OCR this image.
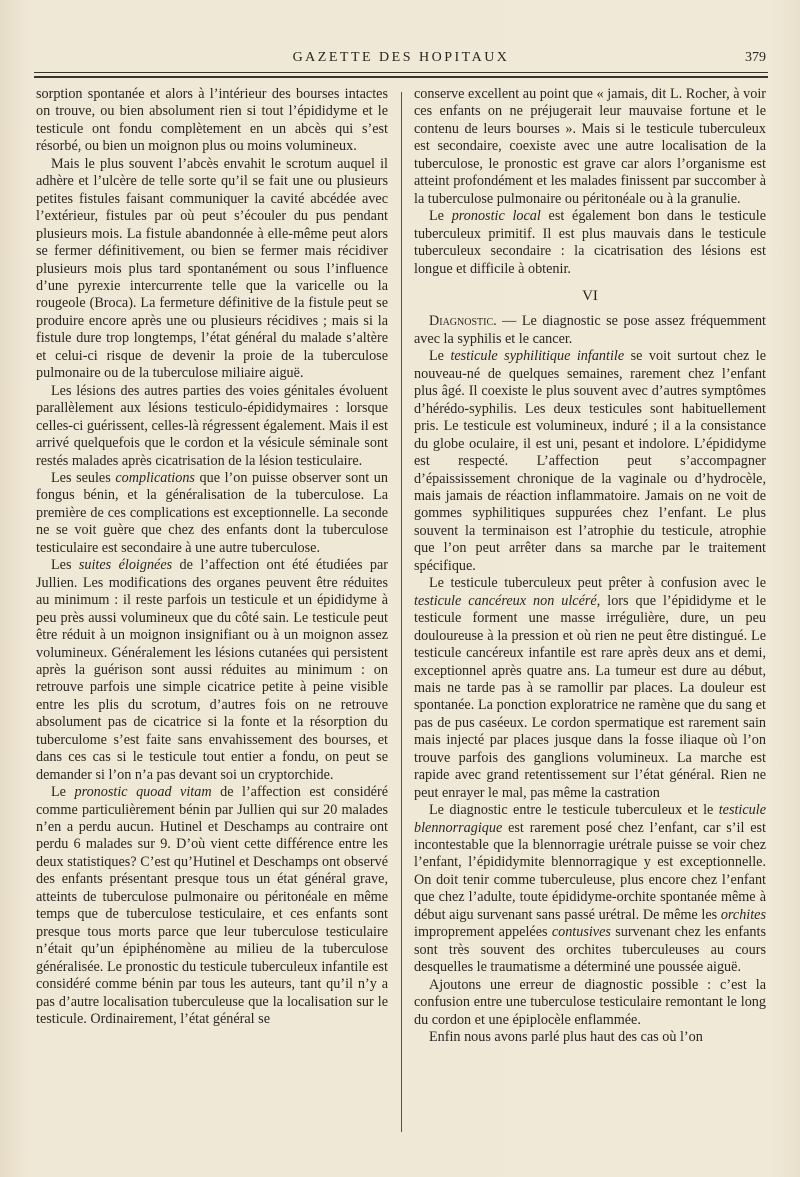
GAZETTE DES HOPITAUX	379

sorption spontanée et alors à l’intérieur des bourses intactes on trouve, ou bien absolument rien si tout l’épididyme et le testicule ont fondu complètement en un abcès qui s’est résorbé, ou bien un moignon plus ou moins volumineux.

Mais le plus souvent l’abcès envahit le scrotum auquel il adhère et l’ulcère de telle sorte qu’il se fait une ou plusieurs petites fistules faisant communiquer la cavité abcédée avec l’extérieur, fistules par où peut s’écouler du pus pendant plusieurs mois. La fistule abandonnée à elle-même peut alors se fermer définitivement, ou bien se fermer mais récidiver plusieurs mois plus tard spontanément ou sous l’influence d’une pyrexie intercurrente telle que la varicelle ou la rougeole (Broca). La fermeture définitive de la fistule peut se produire encore après une ou plusieurs récidives ; mais si la fistule dure trop longtemps, l’état général du malade s’altère et celui-ci risque de devenir la proie de la tuberculose pulmonaire ou de la tuberculose miliaire aiguë.

Les lésions des autres parties des voies génitales évoluent parallèlement aux lésions testiculo-épididymaires : lorsque celles-ci guérissent, celles-là régressent également. Mais il est arrivé quelquefois que le cordon et la vésicule séminale sont restés malades après cicatrisation de la lésion testiculaire.

Les seules complications que l’on puisse observer sont un fongus bénin, et la généralisation de la tuberculose. La première de ces complications est exceptionnelle. La seconde ne se voit guère que chez des enfants dont la tuberculose testiculaire est secondaire à une autre tuberculose.

Les suites éloignées de l’affection ont été étudiées par Jullien. Les modifications des organes peuvent être réduites au minimum : il reste parfois un testicule et un épididyme à peu près aussi volumineux que du côté sain. Le testicule peut être réduit à un moignon insignifiant ou à un moignon assez volumineux. Généralement les lésions cutanées qui persistent après la guérison sont aussi réduites au minimum : on retrouve parfois une simple cicatrice petite à peine visible entre les plis du scrotum, d’autres fois on ne retrouve absolument pas de cicatrice si la fonte et la résorption du tuberculome s’est faite sans envahissement des bourses, et dans ces cas si le testicule tout entier a fondu, on peut se demander si l’on n’a pas devant soi un cryptorchide.

Le pronostic quoad vitam de l’affection est considéré comme particulièrement bénin par Jullien qui sur 20 malades n’en a perdu aucun. Hutinel et Deschamps au contraire ont perdu 6 malades sur 9. D’où vient cette différence entre les deux statistiques? C’est qu’Hutinel et Deschamps ont observé des enfants présentant presque tous un état général grave, atteints de tuberculose pulmonaire ou péritonéale en même temps que de tuberculose testiculaire, et ces enfants sont presque tous morts parce que leur tuberculose testiculaire n’était qu’un épiphénomène au milieu de la tuberculose généralisée. Le pronostic du testicule tuberculeux infantile est considéré comme bénin par tous les auteurs, tant qu’il n’y a pas d’autre localisation tuberculeuse que la localisation sur le testicule. Ordinairement, l’état général se

conserve excellent au point que « jamais, dit L. Rocher, à voir ces enfants on ne préjugerait leur mauvaise fortune et le contenu de leurs bourses ». Mais si le testicule tuberculeux est secondaire, coexiste avec une autre localisation de la tuberculose, le pronostic est grave car alors l’organisme est atteint profondément et les malades finissent par succomber à la tuberculose pulmonaire ou péritonéale ou à la granulie.

Le pronostic local est également bon dans le testicule tuberculeux primitif. Il est plus mauvais dans le testicule tuberculeux secondaire : la cicatrisation des lésions est longue et difficile à obtenir.

VI

Diagnostic. — Le diagnostic se pose assez fréquemment avec la syphilis et le cancer.

Le testicule syphilitique infantile se voit surtout chez le nouveau-né de quelques semaines, rarement chez l’enfant plus âgé. Il coexiste le plus souvent avec d’autres symptômes d’hérédo-syphilis. Les deux testicules sont habituellement pris. Le testicule est volumineux, induré ; il a la consistance du globe oculaire, il est uni, pesant et indolore. L’épididyme est respecté. L’affection peut s’accompagner d’épaississement chronique de la vaginale ou d’hydrocèle, mais jamais de réaction inflammatoire. Jamais on ne voit de gommes syphilitiques suppurées chez l’enfant. Le plus souvent la terminaison est l’atrophie du testicule, atrophie que l’on peut arrêter dans sa marche par le traitement spécifique.

Le testicule tuberculeux peut prêter à confusion avec le testicule cancéreux non ulcéré, lors que l’épididyme et le testicule forment une masse irrégulière, dure, un peu douloureuse à la pression et où rien ne peut être distingué. Le testicule cancéreux infantile est rare après deux ans et demi, exceptionnel après quatre ans. La tumeur est dure au début, mais ne tarde pas à se ramollir par places. La douleur est spontanée. La ponction exploratrice ne ramène que du sang et pas de pus caséeux. Le cordon spermatique est rarement sain mais injecté par places jusque dans la fosse iliaque où l’on trouve parfois des ganglions volumineux. La marche est rapide avec grand retentissement sur l’état général. Rien ne peut enrayer le mal, pas même la castration

Le diagnostic entre le testicule tuberculeux et le testicule blennorragique est rarement posé chez l’enfant, car s’il est incontestable que la blennorragie urétrale puisse se voir chez l’enfant, l’épididymite blennorragique y est exceptionnelle. On doit tenir comme tuberculeuse, plus encore chez l’enfant que chez l’adulte, toute épididyme-orchite spontanée même à début aigu survenant sans passé urétral. De même les orchites improprement appelées contusives survenant chez les enfants sont très souvent des orchites tuberculeuses au cours desquelles le traumatisme a déterminé une poussée aiguë.

Ajoutons une erreur de diagnostic possible : c’est la confusion entre une tuberculose testiculaire remontant le long du cordon et une épiplocèle enflammée.

Enfin nous avons parlé plus haut des cas où l’on
